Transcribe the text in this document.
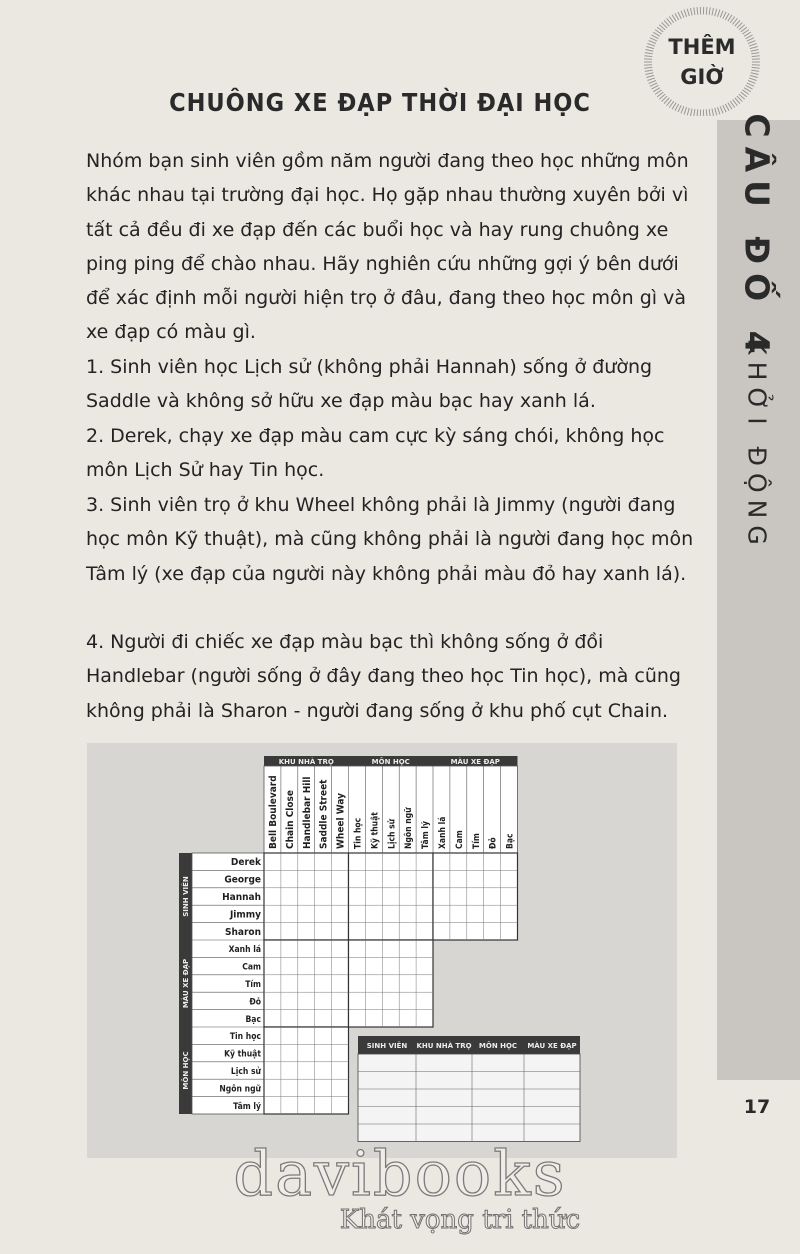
THÊM
GIỜ
CÂU ĐỐ 4
KHỞI ĐỘNG
17
CHUÔNG XE ĐẠP THỜI ĐẠI HỌC

Nhóm bạn sinh viên gồm năm người đang theo học những môn khác nhau tại trường đại học. Họ gặp nhau thường xuyên bởi vì tất cả đều đi xe đạp đến các buổi học và hay rung chuông xe ping ping để chào nhau. Hãy nghiên cứu những gợi ý bên dưới để xác định mỗi người hiện trọ ở đâu, đang theo học môn gì và xe đạp có màu gì.

1. Sinh viên học Lịch sử (không phải Hannah) sống ở đường Saddle và không sở hữu xe đạp màu bạc hay xanh lá.

2. Derek, chạy xe đạp màu cam cực kỳ sáng chói, không học môn Lịch Sử hay Tin học.

3. Sinh viên trọ ở khu Wheel không phải là Jimmy (người đang học môn Kỹ thuật), mà cũng không phải là người đang học môn Tâm lý (xe đạp của người này không phải màu đỏ hay xanh lá).

4. Người đi chiếc xe đạp màu bạc thì không sống ở đồi Handlebar (người sống ở đây đang theo học Tin học), mà cũng không phải là Sharon - người đang sống ở khu phố cụt Chain.

SINH VIÊN
MÀU XE ĐẠP
MÔN HỌC
KHU NHÀ TRỌ	MÔN HỌC	MÀU XE ĐẠP
Bell Boulevard Chain Close Handlebar Hill Saddle Street Wheel Way Tin học Kỹ thuật Lịch sử Ngôn ngữ Tâm lý Xanh lá Cam Tím Đỏ Bạc
Derek
George
Hannah
Jimmy
Sharon
Xanh lá
Cam
Tím
Đỏ
Bạc
Tin học
Kỹ thuật
Lịch sử
Ngôn ngữ
Tâm lý
SINH VIÊN KHU NHÀ TRỌ MÔN HỌC MÀU XE ĐẠP
davibooks
Khát vọng tri thức
